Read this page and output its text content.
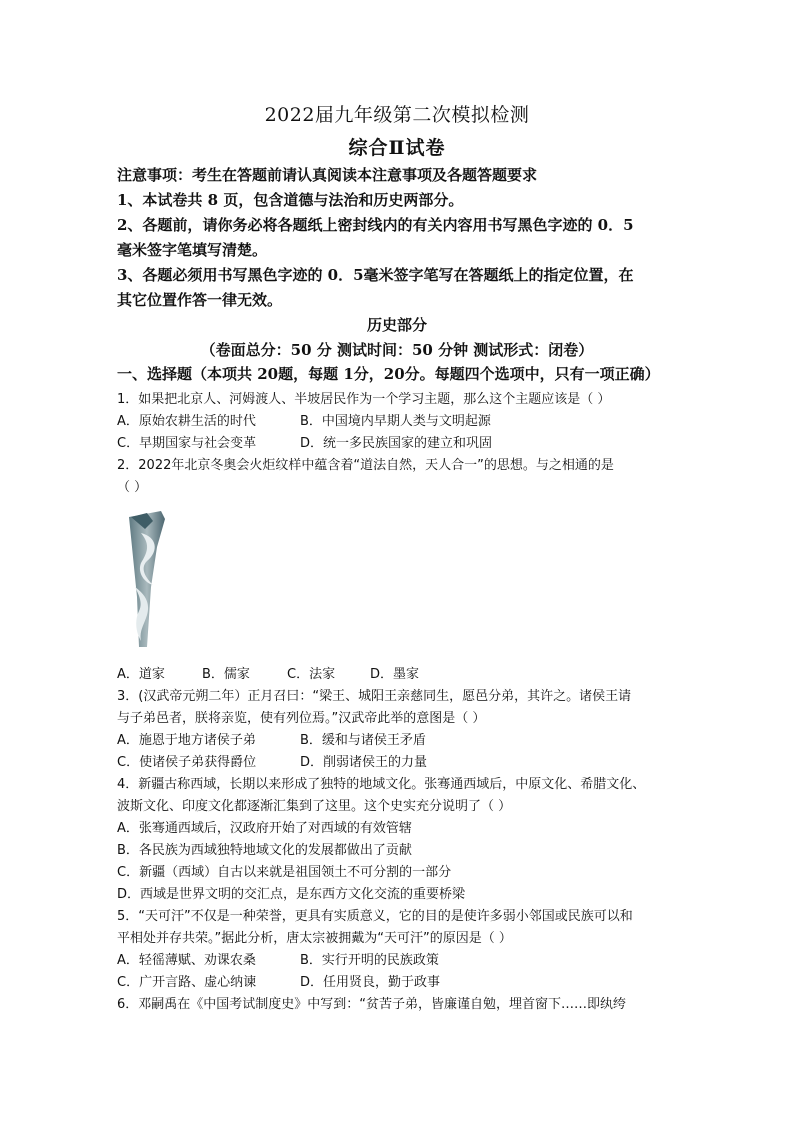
2022届九年级第二次模拟检测
综合Ⅱ试卷
注意事项：考生在答题前请认真阅读本注意事项及各题答题要求
1、本试卷共 8 页，包含道德与法治和历史两部分。
2、各题前，请你务必将各题纸上密封线内的有关内容用书写黑色字迹的 0．5
毫米签字笔填写清楚。
3、各题必须用书写黑色字迹的 0．5毫米签字笔写在答题纸上的指定位置，在
其它位置作答一律无效。
历史部分
（卷面总分：50 分 测试时间：50 分钟 测试形式：闭卷）
一、选择题（本项共 20题，每题 1分，20分。每题四个选项中，只有一项正确）
1．如果把北京人、河姆渡人、半坡居民作为一个学习主题，那么这个主题应该是（ ）
A．原始农耕生活的时代	B．中国境内早期人类与文明起源
C．早期国家与社会变革	D．统一多民族国家的建立和巩固
2．2022年北京冬奥会火炬纹样中蕴含着“道法自然，天人合一”的思想。与之相通的是
（ ）
A．道家	B．儒家	C．法家	D．墨家
3．(汉武帝元朔二年）正月召曰：“梁王、城阳王亲慈同生，愿邑分弟，其许之。诸侯王请
与子弟邑者，朕将亲览，使有列位焉。”汉武帝此举的意图是（ ）
A．施恩于地方诸侯子弟	B．缓和与诸侯王矛盾
C．使诸侯子弟获得爵位	D．削弱诸侯王的力量
4．新疆古称西域，长期以来形成了独特的地域文化。张骞通西域后，中原文化、希腊文化、
波斯文化、印度文化都逐渐汇集到了这里。这个史实充分说明了（ ）
A．张骞通西域后，汉政府开始了对西域的有效管辖
B．各民族为西域独特地域文化的发展都做出了贡献
C．新疆（西域）自古以来就是祖国领土不可分割的一部分
D．西域是世界文明的交汇点，是东西方文化交流的重要桥梁
5．“天可汗”不仅是一种荣誉，更具有实质意义，它的目的是使许多弱小邻国或民族可以和
平相处并存共荣。”据此分析，唐太宗被拥戴为“天可汗”的原因是（ ）
A．轻徭薄赋、劝课农桑	B．实行开明的民族政策
C．广开言路、虚心纳谏	D．任用贤良，勤于政事
6．邓嗣禹在《中国考试制度史》中写到：“贫苦子弟，皆廉谨自勉，埋首窗下……即纨绔
